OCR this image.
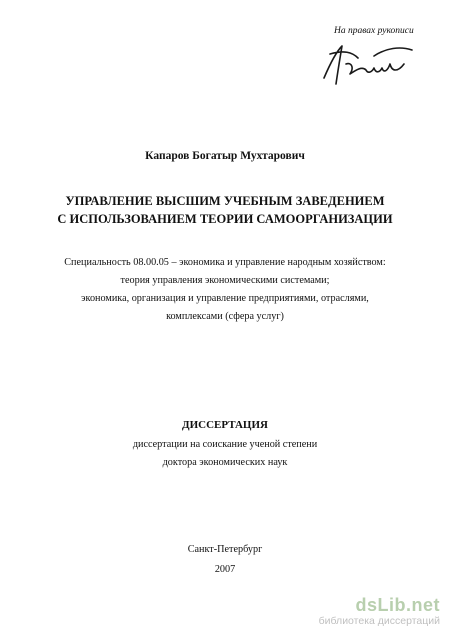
На правах рукописи
Капаров Богатыр Мухтарович
УПРАВЛЕНИЕ ВЫСШИМ УЧЕБНЫМ ЗАВЕДЕНИЕМ
С ИСПОЛЬЗОВАНИЕМ ТЕОРИИ САМООРГАНИЗАЦИИ
Специальность 08.00.05 – экономика и управление народным хозяйством:
теория управления экономическими системами;
экономика, организация и управление предприятиями, отраслями,
комплексами (сфера услуг)
ДИССЕРТАЦИЯ
диссертации на соискание ученой степени
доктора экономических наук
Санкт-Петербург
2007
dsLib.net
библиотека диссертаций
